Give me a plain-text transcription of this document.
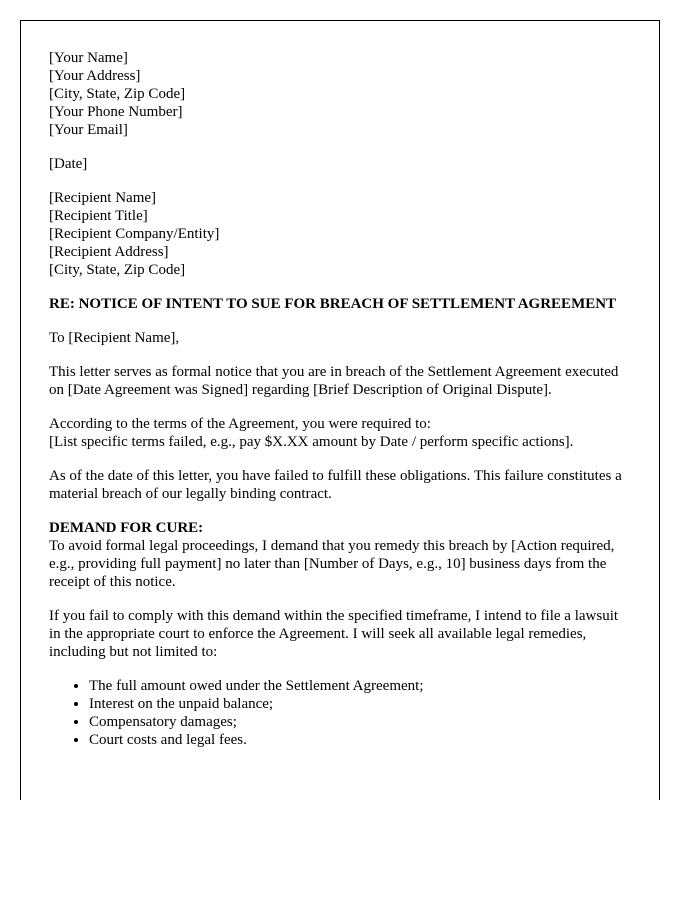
[Your Name]
[Your Address]
[City, State, Zip Code]
[Your Phone Number]
[Your Email]

[Date]

[Recipient Name]
[Recipient Title]
[Recipient Company/Entity]
[Recipient Address]
[City, State, Zip Code]

RE: NOTICE OF INTENT TO SUE FOR BREACH OF SETTLEMENT AGREEMENT

To [Recipient Name],

This letter serves as formal notice that you are in breach of the Settlement Agreement executed on [Date Agreement was Signed] regarding [Brief Description of Original Dispute].

According to the terms of the Agreement, you were required to:
[List specific terms failed, e.g., pay $X.XX amount by Date / perform specific actions].

As of the date of this letter, you have failed to fulfill these obligations. This failure constitutes a material breach of our legally binding contract.

DEMAND FOR CURE:
To avoid formal legal proceedings, I demand that you remedy this breach by [Action required, e.g., providing full payment] no later than [Number of Days, e.g., 10] business days from the receipt of this notice.

If you fail to comply with this demand within the specified timeframe, I intend to file a lawsuit in the appropriate court to enforce the Agreement. I will seek all available legal remedies, including but not limited to:

• The full amount owed under the Settlement Agreement;
• Interest on the unpaid balance;
• Compensatory damages;
• Court costs and legal fees.
